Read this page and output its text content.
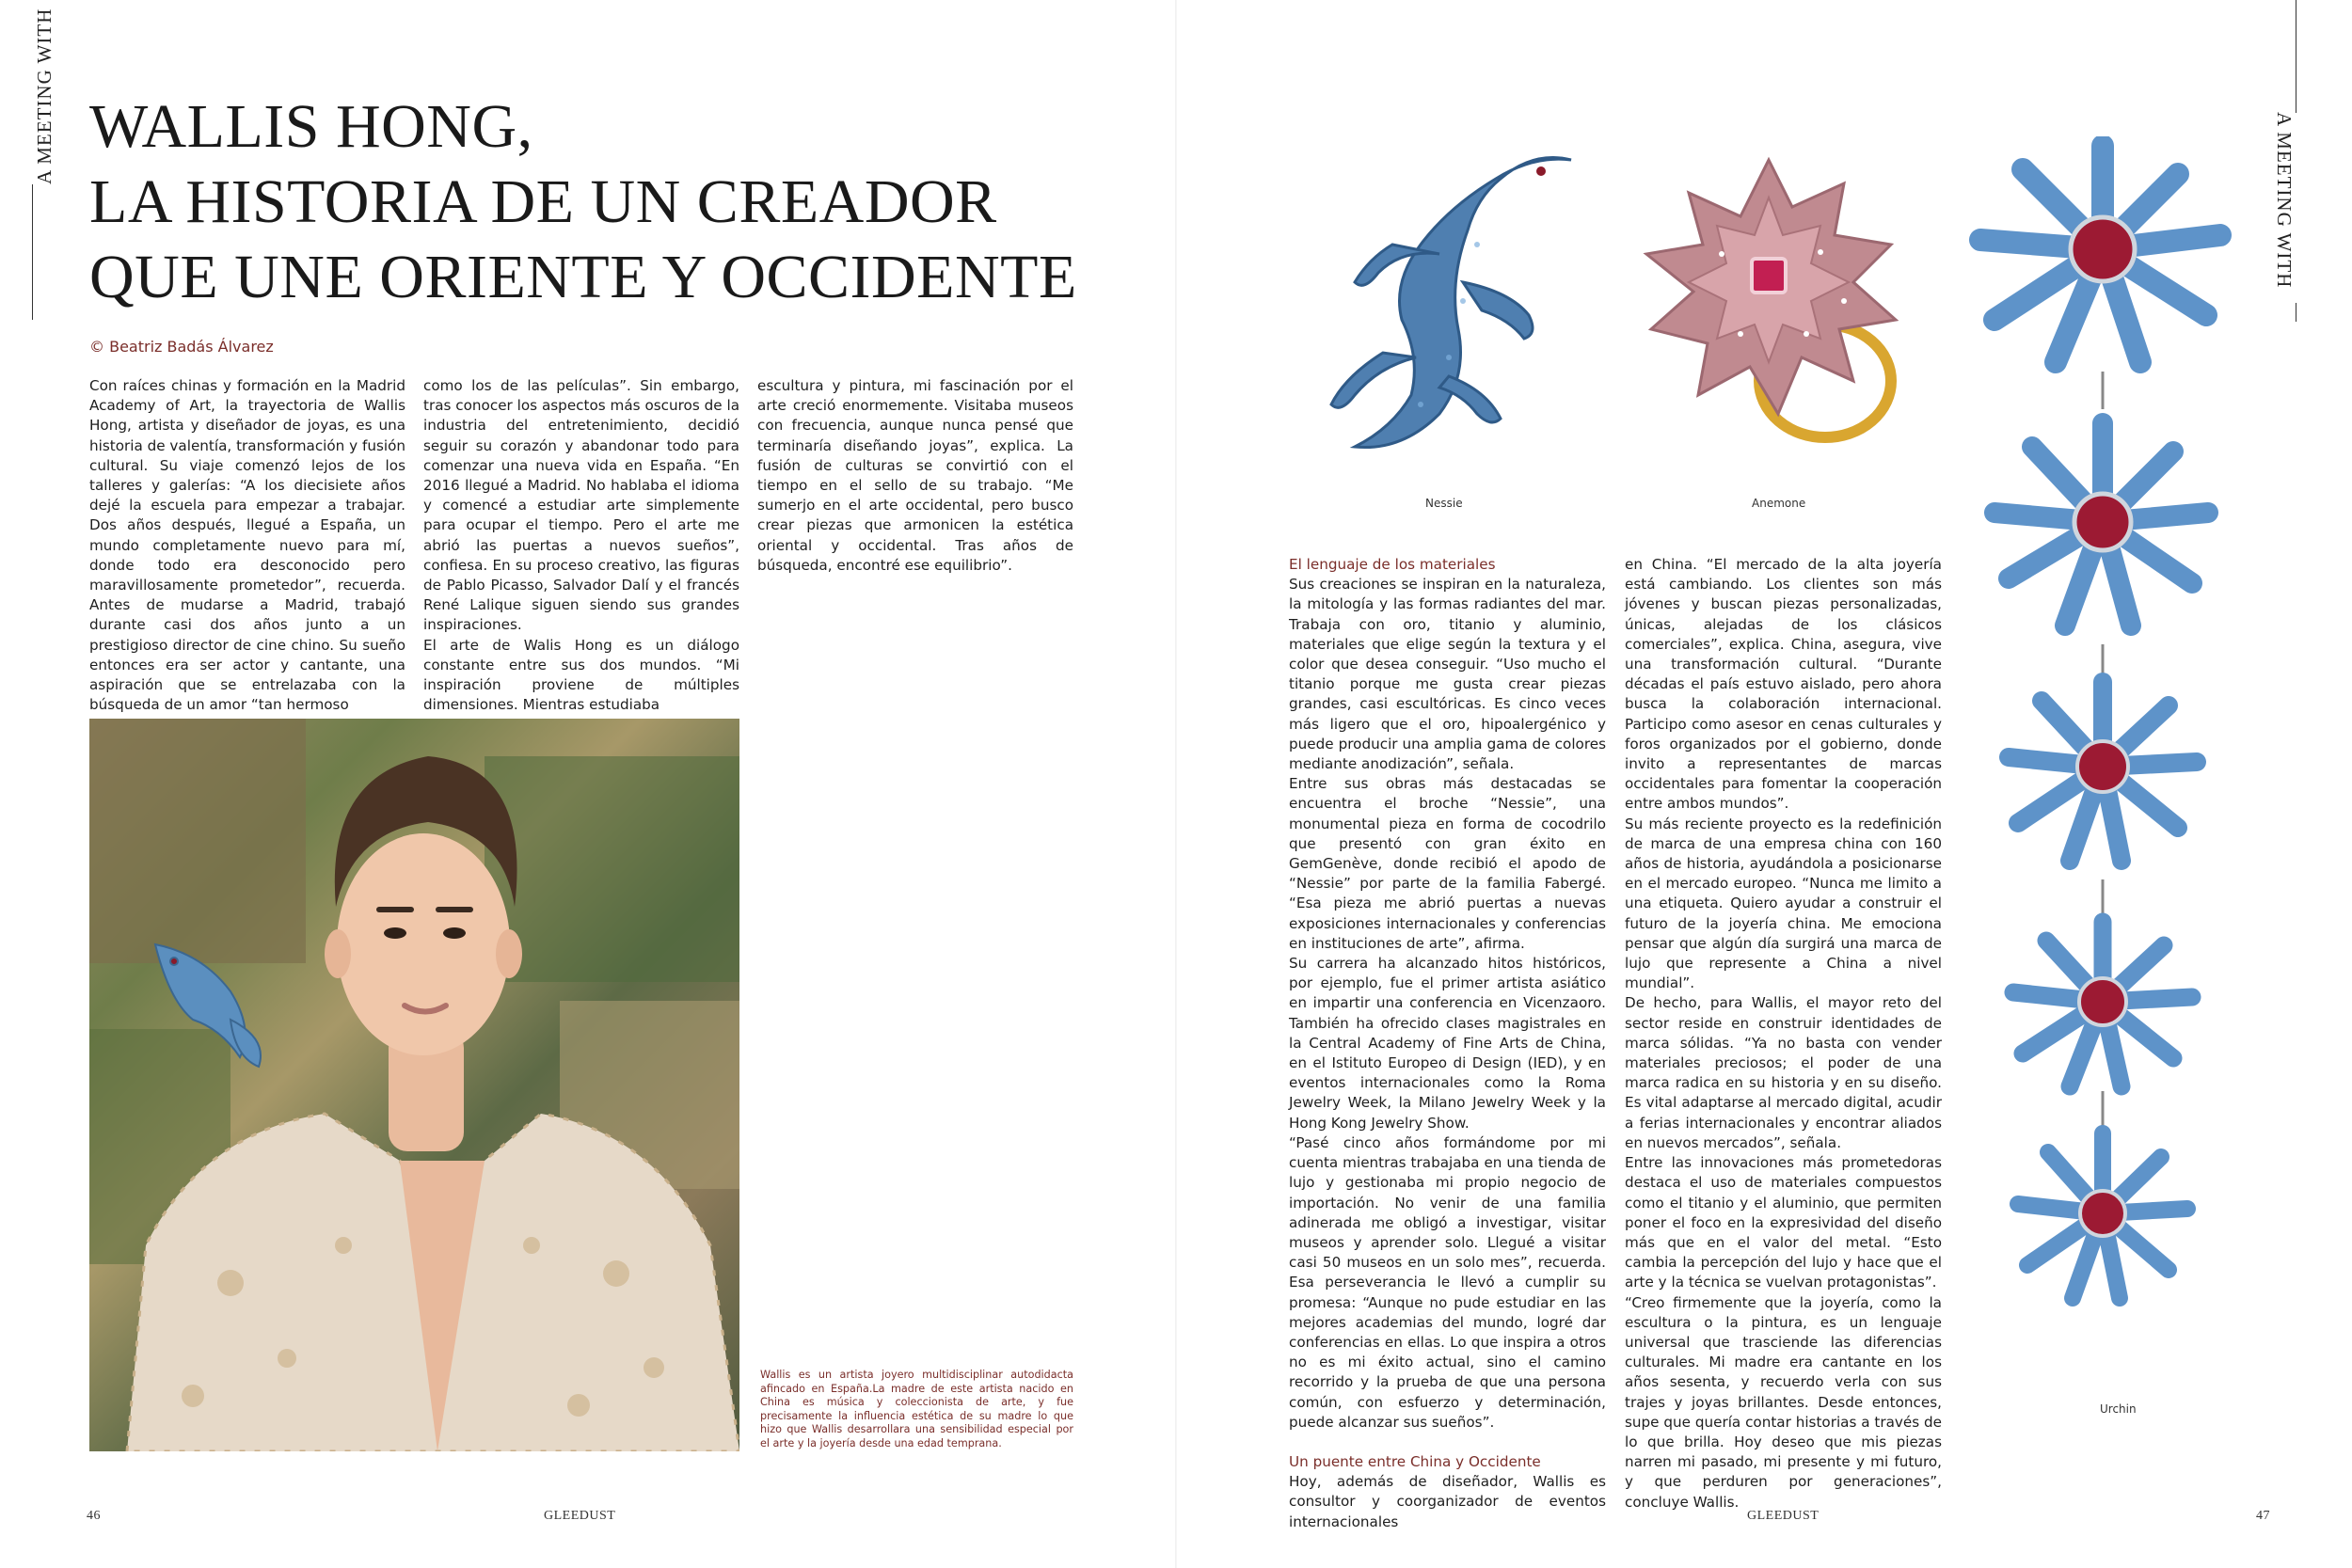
A MEETING WITH WALLIS HONG,
LA HISTORIA DE UN CREADOR
QUE UNE ORIENTE Y OCCIDENTE
© Beatriz Badás Álvarez

Con raíces chinas y formación en la Madrid Academy of Art, la trayectoria de Wallis Hong, artista y diseñador de joyas, es una historia de valentía, transformación y fusión cultural. Su viaje comenzó lejos de los talleres y galerías: “A los diecisiete años dejé la escuela para empezar a trabajar. Dos años después, llegué a España, un mundo completamente nuevo para mí, donde todo era desconocido pero maravillosamente prometedor”, recuerda. Antes de mudarse a Madrid, trabajó durante casi dos años junto a un prestigioso director de cine chino. Su sueño entonces era ser actor y cantante, una aspiración que se entrelazaba con la búsqueda de un amor “tan hermoso

como los de las películas”. Sin embargo, tras conocer los aspectos más oscuros de la industria del entretenimiento, decidió seguir su corazón y abandonar todo para comenzar una nueva vida en España. “En 2016 llegué a Madrid. No hablaba el idioma y comencé a estudiar arte simplemente para ocupar el tiempo. Pero el arte me abrió las puertas a nuevos sueños”, confiesa. En su proceso creativo, las figuras de Pablo Picasso, Salvador Dalí y el francés René Lalique siguen siendo sus grandes inspiraciones.

El arte de Walis Hong es un diálogo constante entre sus dos mundos. “Mi inspiración proviene de múltiples dimensiones. Mientras estudiaba

escultura y pintura, mi fascinación por el arte creció enormemente. Visitaba museos con frecuencia, aunque nunca pensé que terminaría diseñando joyas”, explica. La fusión de culturas se convirtió con el tiempo en el sello de su trabajo. “Me sumerjo en el arte occidental, pero busco crear piezas que armonicen la estética oriental y occidental. Tras años de búsqueda, encontré ese equilibrio”.

Wallis es un artista joyero multidisciplinar autodidacta afincado en España.La madre de este artista nacido en China es música y coleccionista de arte, y fue precisamente la influencia estética de su madre lo que hizo que Wallis desarrollara una sensibilidad especial por el arte y la joyería desde una edad temprana.
46	GLEEDUST
A MEETING WITH
Nessie	Anemone
Urchin
El lenguaje de los materiales

Sus creaciones se inspiran en la naturaleza, la mitología y las formas radiantes del mar. Trabaja con oro, titanio y aluminio, materiales que elige según la textura y el color que desea conseguir. “Uso mucho el titanio porque me gusta crear piezas grandes, casi escultóricas. Es cinco veces más ligero que el oro, hipoalergénico y puede producir una amplia gama de colores mediante anodización”, señala.

Entre sus obras más destacadas se encuentra el broche “Nessie”, una monumental pieza en forma de cocodrilo que presentó con gran éxito en GemGenève, donde recibió el apodo de “Nessie” por parte de la familia Fabergé. “Esa pieza me abrió puertas a nuevas exposiciones internacionales y conferencias en instituciones de arte”, afirma.

Su carrera ha alcanzado hitos históricos, por ejemplo, fue el primer artista asiático en impartir una conferencia en Vicenzaoro. También ha ofrecido clases magistrales en la Central Academy of Fine Arts de China, en el Istituto Europeo di Design (IED), y en eventos internacionales como la Roma Jewelry Week, la Milano Jewelry Week y la Hong Kong Jewelry Show.

“Pasé cinco años formándome por mi cuenta mientras trabajaba en una tienda de lujo y gestionaba mi propio negocio de importación. No venir de una familia adinerada me obligó a investigar, visitar museos y aprender solo. Llegué a visitar casi 50 museos en un solo mes”, recuerda. Esa perseverancia le llevó a cumplir su promesa: “Aunque no pude estudiar en las mejores academias del mundo, logré dar conferencias en ellas. Lo que inspira a otros no es mi éxito actual, sino el camino recorrido y la prueba de que una persona común, con esfuerzo y determinación, puede alcanzar sus sueños”.

Un puente entre China y Occidente

Hoy, además de diseñador, Wallis es consultor y coorganizador de eventos internacionales

en China. “El mercado de la alta joyería está cambiando. Los clientes son más jóvenes y buscan piezas personalizadas, únicas, alejadas de los clásicos comerciales”, explica. China, asegura, vive una transformación cultural. “Durante décadas el país estuvo aislado, pero ahora busca la colaboración internacional. Participo como asesor en cenas culturales y foros organizados por el gobierno, donde invito a representantes de marcas occidentales para fomentar la cooperación entre ambos mundos”.

Su más reciente proyecto es la redefinición de marca de una empresa china con 160 años de historia, ayudándola a posicionarse en el mercado europeo. “Nunca me limito a una etiqueta. Quiero ayudar a construir el futuro de la joyería china. Me emociona pensar que algún día surgirá una marca de lujo que represente a China a nivel mundial”.

De hecho, para Wallis, el mayor reto del sector reside en construir identidades de marca sólidas. “Ya no basta con vender materiales preciosos; el poder de una marca radica en su historia y en su diseño. Es vital adaptarse al mercado digital, acudir a ferias internacionales y encontrar aliados en nuevos mercados”, señala.

Entre las innovaciones más prometedoras destaca el uso de materiales compuestos como el titanio y el aluminio, que permiten poner el foco en la expresividad del diseño más que en el valor del metal. “Esto cambia la percepción del lujo y hace que el arte y la técnica se vuelvan protagonistas”.

“Creo firmemente que la joyería, como la escultura o la pintura, es un lenguaje universal que trasciende las diferencias culturales. Mi madre era cantante en los años sesenta, y recuerdo verla con sus trajes y joyas brillantes. Desde entonces, supe que quería contar historias a través de lo que brilla. Hoy deseo que mis piezas narren mi pasado, mi presente y mi futuro, y que perduren por generaciones”, concluye Wallis.

GLEEDUST	47
